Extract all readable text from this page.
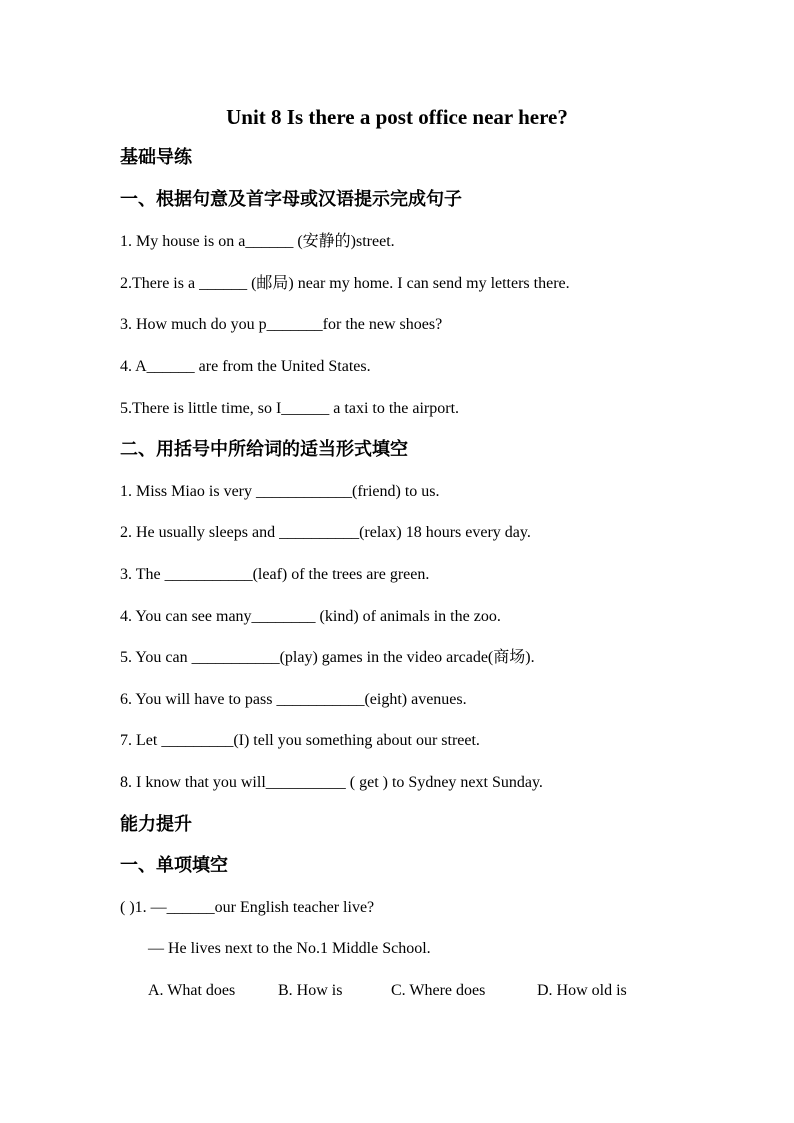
Unit 8 Is there a post office near here?
基础导练
一、根据句意及首字母或汉语提示完成句子
1. My house is on a______ (安静的)street.
2.There is a ______ (邮局) near my home. I can send my letters there.
3. How much do you p_______for the new shoes?
4. A______ are from the United States.
5.There is little time, so I______ a taxi to the airport.
二、用括号中所给词的适当形式填空
1. Miss Miao is very ____________(friend) to us.
2. He usually sleeps and __________(relax) 18 hours every day.
3. The ___________(leaf) of the trees are green.
4. You can see many________ (kind) of animals in the zoo.
5. You can ___________(play) games in the video arcade(商场).
6. You will have to pass ___________(eight) avenues.
7. Let _________(I) tell you something about our street.
8. I know that you will__________ ( get ) to Sydney next Sunday.
能力提升
一、单项填空
( )1. —______our English teacher live?
— He lives next to the No.1 Middle School.
A. What does	B. How is	C. Where does	D. How old is
